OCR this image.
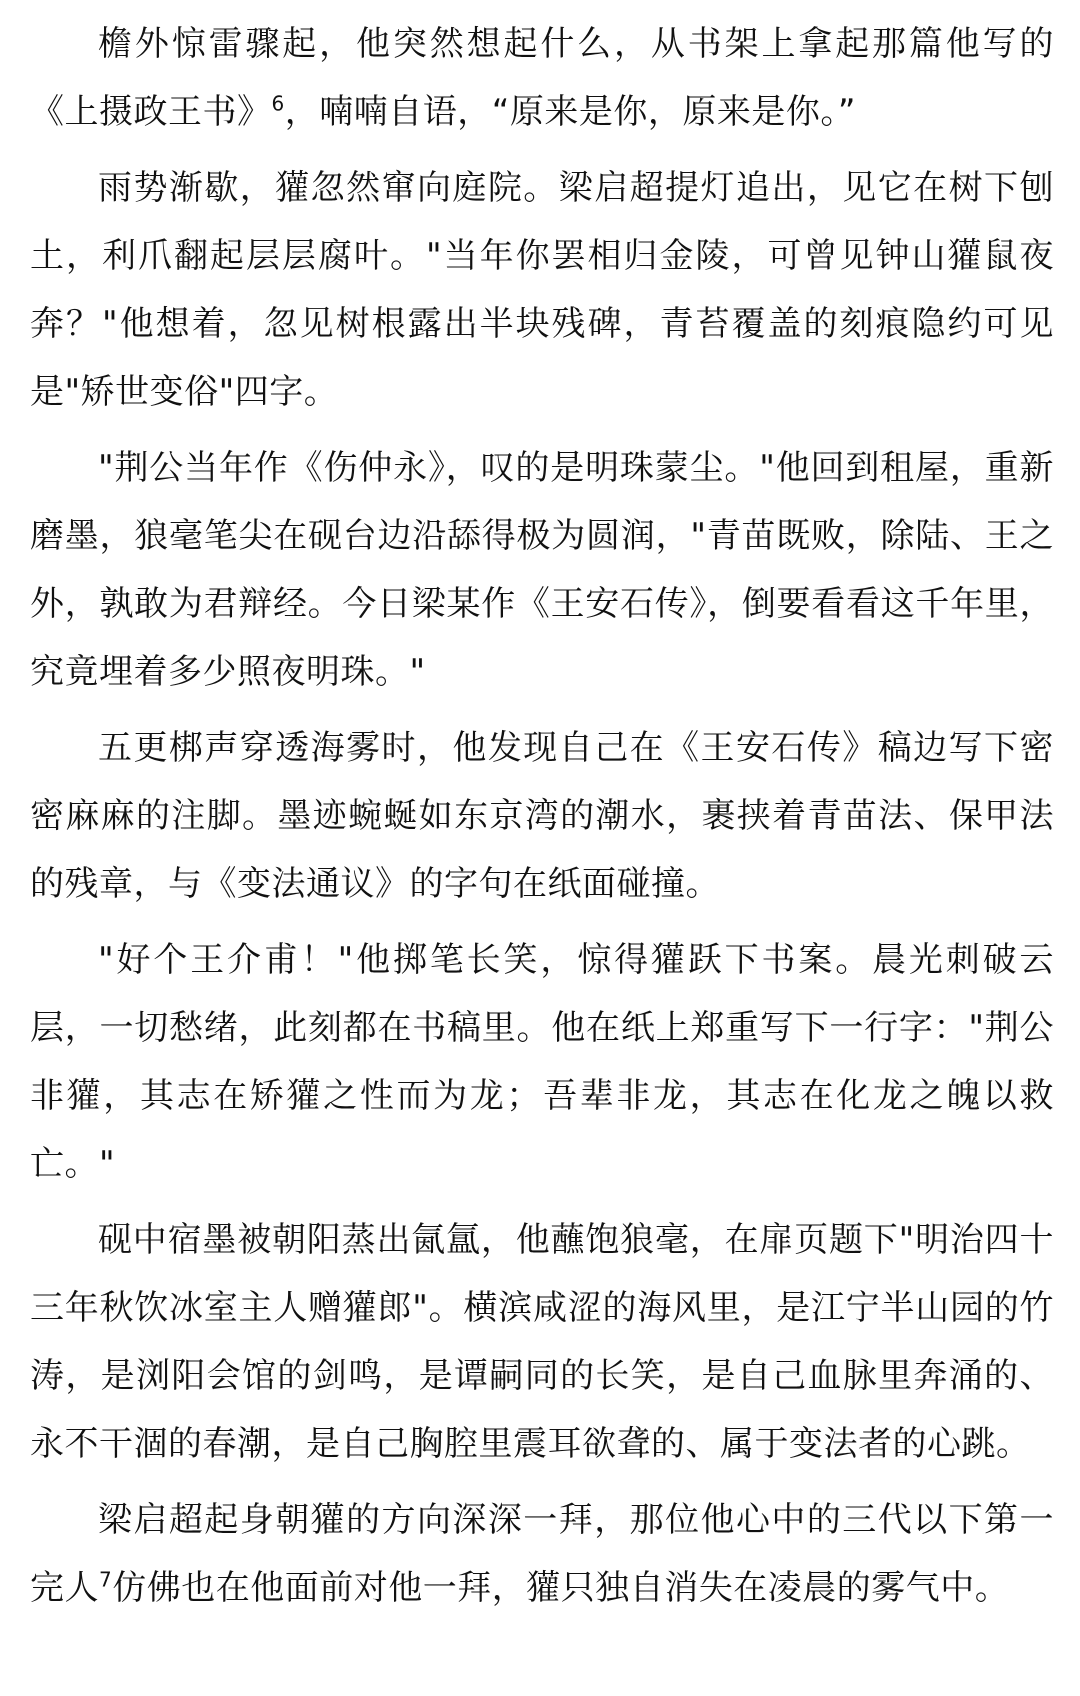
檐外惊雷骤起，他突然想起什么，从书架上拿起那篇他写的《上摄政王书》$^6$，喃喃自语，“原来是你，原来是你。”

雨势渐歇，獾忽然窜向庭院。梁启超提灯追出，见它在树下刨土，利爪翻起层层腐叶。"当年你罢相归金陵，可曾见钟山獾鼠夜奔？"他想着，忽见树根露出半块残碑，青苔覆盖的刻痕隐约可见是"矫世变俗"四字。

"荆公当年作《伤仲永》，叹的是明珠蒙尘。"他回到租屋，重新磨墨，狼毫笔尖在砚台边沿舔得极为圆润，"青苗既败，除陆、王之外，孰敢为君辩经。今日梁某作《王安石传》，倒要看看这千年里，究竟埋着多少照夜明珠。"

五更梆声穿透海雾时，他发现自己在《王安石传》稿边写下密密麻麻的注脚。墨迹蜿蜒如东京湾的潮水，裹挟着青苗法、保甲法的残章，与《变法通议》的字句在纸面碰撞。

"好个王介甫！"他掷笔长笑，惊得獾跃下书案。晨光刺破云层，一切愁绪，此刻都在书稿里。他在纸上郑重写下一行字："荆公非獾，其志在矫獾之性而为龙；吾辈非龙，其志在化龙之魄以救亡。"

砚中宿墨被朝阳蒸出氤氲，他蘸饱狼毫，在扉页题下"明治四十三年秋饮冰室主人赠獾郎"。横滨咸涩的海风里，是江宁半山园的竹涛，是浏阳会馆的剑鸣，是谭嗣同的长笑，是自己血脉里奔涌的、永不干涸的春潮，是自己胸腔里震耳欲聋的、属于变法者的心跳。

梁启超起身朝獾的方向深深一拜，那位他心中的三代以下第一完人$^7$仿佛也在他面前对他一拜，獾只独自消失在凌晨的雾气中。
